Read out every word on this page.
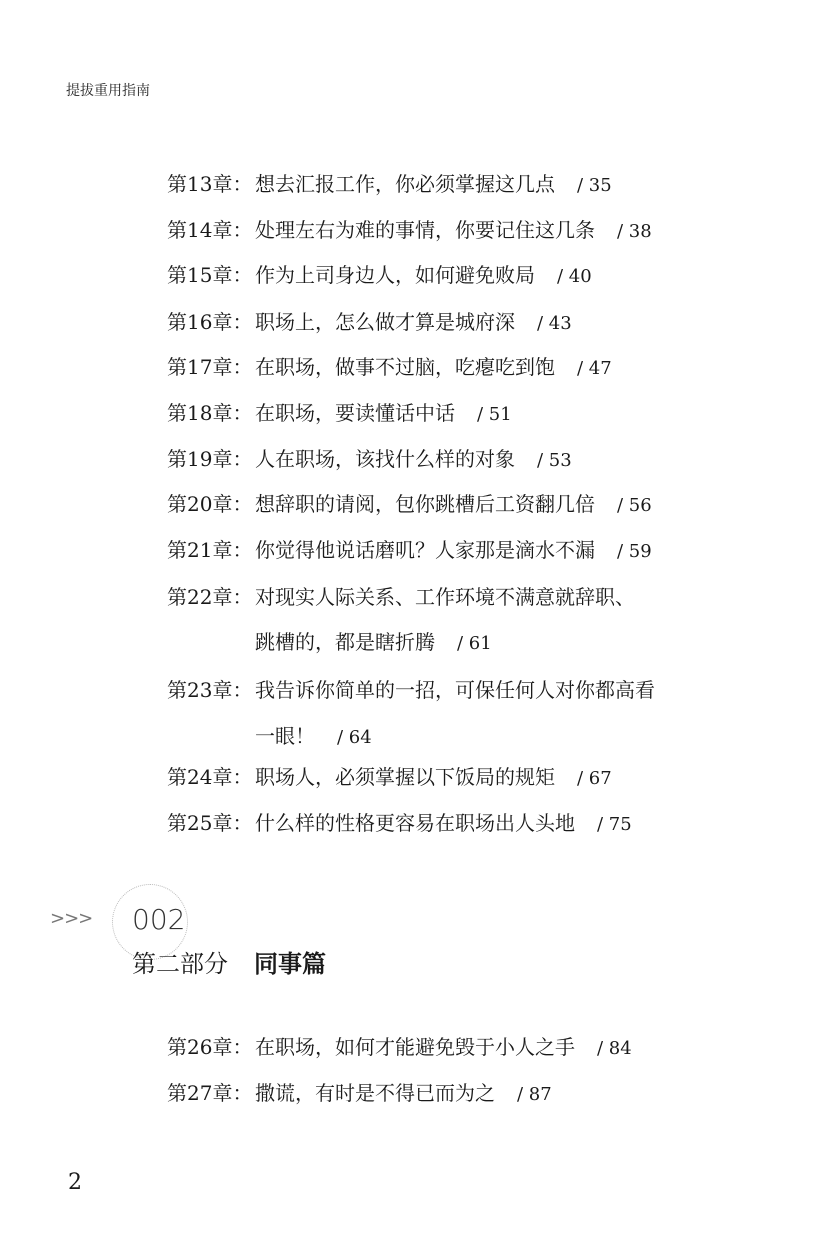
提拔重用指南
第13章： 想去汇报工作，你必须掌握这几点 / 35
第14章： 处理左右为难的事情，你要记住这几条 / 38
第15章： 作为上司身边人，如何避免败局 / 40
第16章： 职场上，怎么做才算是城府深 / 43
第17章： 在职场，做事不过脑，吃瘪吃到饱 / 47
第18章： 在职场，要读懂话中话 / 51
第19章： 人在职场，该找什么样的对象 / 53
第20章： 想辞职的请阅，包你跳槽后工资翻几倍 / 56
第21章： 你觉得他说话磨叽？人家那是滴水不漏 / 59
第22章： 对现实人际关系、工作环境不满意就辞职、
跳槽的，都是瞎折腾 / 61
第23章： 我告诉你简单的一招，可保任何人对你都高看
一眼！ / 64
第24章： 职场人，必须掌握以下饭局的规矩 / 67
第25章： 什么样的性格更容易在职场出人头地 / 75
>>> 002
第二部分 同事篇
第26章： 在职场，如何才能避免毁于小人之手 / 84
第27章： 撒谎，有时是不得已而为之 / 87
2
